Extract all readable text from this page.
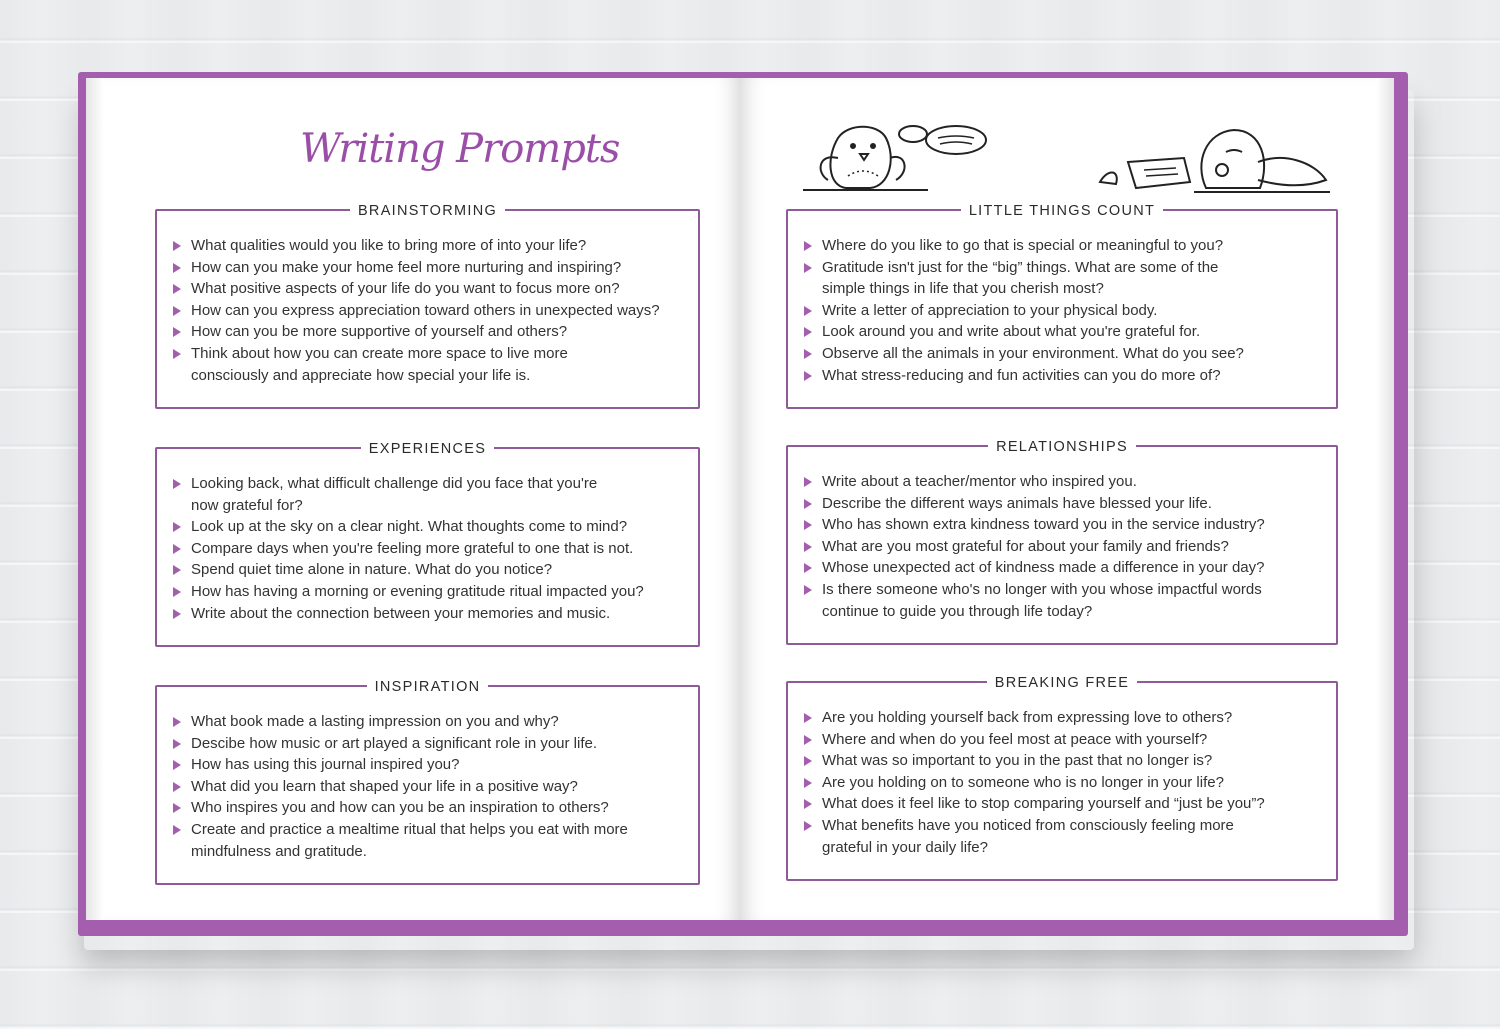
Writing Prompts
BRAINSTORMING
What qualities would you like to bring more of into your life?
How can you make your home feel more nurturing and inspiring?
What positive aspects of your life do you want to focus more on?
How can you express appreciation toward others in unexpected ways?
How can you be more supportive of yourself and others?
Think about how you can create more space to live more
consciously and appreciate how special your life is.
EXPERIENCES
Looking back, what difficult challenge did you face that you're
now grateful for?
Look up at the sky on a clear night. What thoughts come to mind?
Compare days when you're feeling more grateful to one that is not.
Spend quiet time alone in nature. What do you notice?
How has having a morning or evening gratitude ritual impacted you?
Write about the connection between your memories and music.
INSPIRATION
What book made a lasting impression on you and why?
Descibe how music or art played a significant role in your life.
How has using this journal inspired you?
What did you learn that shaped your life in a positive way?
Who inspires you and how can you be an inspiration to others?
Create and practice a mealtime ritual that helps you eat with more
mindfulness and gratitude.
LITTLE THINGS COUNT
Where do you like to go that is special or meaningful to you?
Gratitude isn't just for the “big” things. What are some of the
simple things in life that you cherish most?
Write a letter of appreciation to your physical body.
Look around you and write about what you're grateful for.
Observe all the animals in your environment. What do you see?
What stress-reducing and fun activities can you do more of?
RELATIONSHIPS
Write about a teacher/mentor who inspired you.
Describe the different ways animals have blessed your life.
Who has shown extra kindness toward you in the service industry?
What are you most grateful for about your family and friends?
Whose unexpected act of kindness made a difference in your day?
Is there someone who's no longer with you whose impactful words
continue to guide you through life today?
BREAKING FREE
Are you holding yourself back from expressing love to others?
Where and when do you feel most at peace with yourself?
What was so important to you in the past that no longer is?
Are you holding on to someone who is no longer in your life?
What does it feel like to stop comparing yourself and “just be you”?
What benefits have you noticed from consciously feeling more
grateful in your daily life?
